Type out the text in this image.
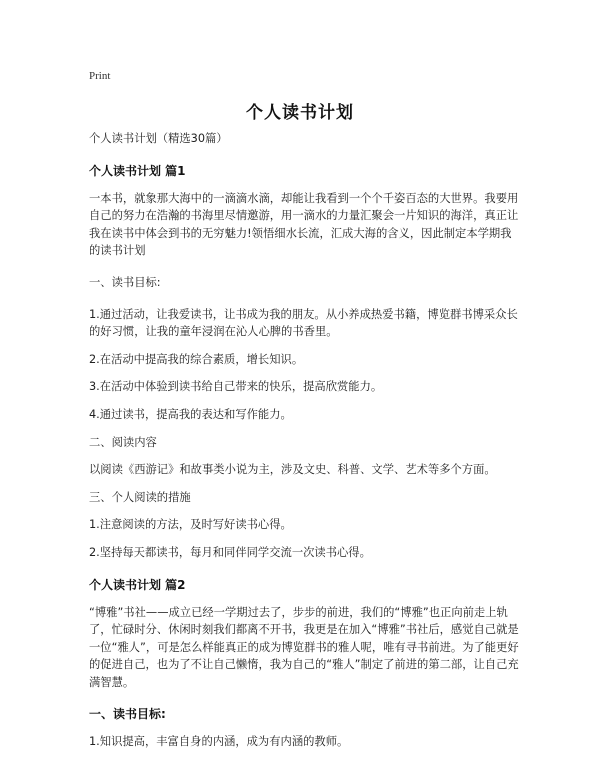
Print
个人读书计划

个人读书计划（精选30篇）

个人读书计划 篇1

一本书，就象那大海中的一滴滴水滴，却能让我看到一个个千姿百态的大世界。我要用自己的努力在浩瀚的书海里尽情邀游，用一滴水的力量汇聚会一片知识的海洋，真正让我在读书中体会到书的无穷魅力!领悟细水长流，汇成大海的含义，因此制定本学期我的读书计划

一、读书目标:

1.通过活动，让我爱读书，让书成为我的朋友。从小养成热爱书籍，博览群书博采众长的好习惯，让我的童年浸润在沁人心脾的书香里。

2.在活动中提高我的综合素质，增长知识。

3.在活动中体验到读书给自己带来的快乐，提高欣赏能力。

4.通过读书，提高我的表达和写作能力。

二、阅读内容

以阅读《西游记》和故事类小说为主，涉及文史、科普、文学、艺术等多个方面。

三、个人阅读的措施

1.注意阅读的方法，及时写好读书心得。

2.坚持每天都读书，每月和同伴同学交流一次读书心得。

个人读书计划 篇2

“博雅”书社——成立已经一学期过去了，步步的前进，我们的“博雅”也正向前走上轨了，忙碌时分、休闲时刻我们都离不开书，我更是在加入“博雅”书社后，感觉自己就是一位“雅人”，可是怎么样能真正的成为博览群书的雅人呢，唯有寻书前进。为了能更好的促进自己，也为了不让自己懒惰，我为自己的“雅人”制定了前进的第二部，让自己充满智慧。

一、读书目标:

1.知识提高，丰富自身的内涵，成为有内涵的教师。
